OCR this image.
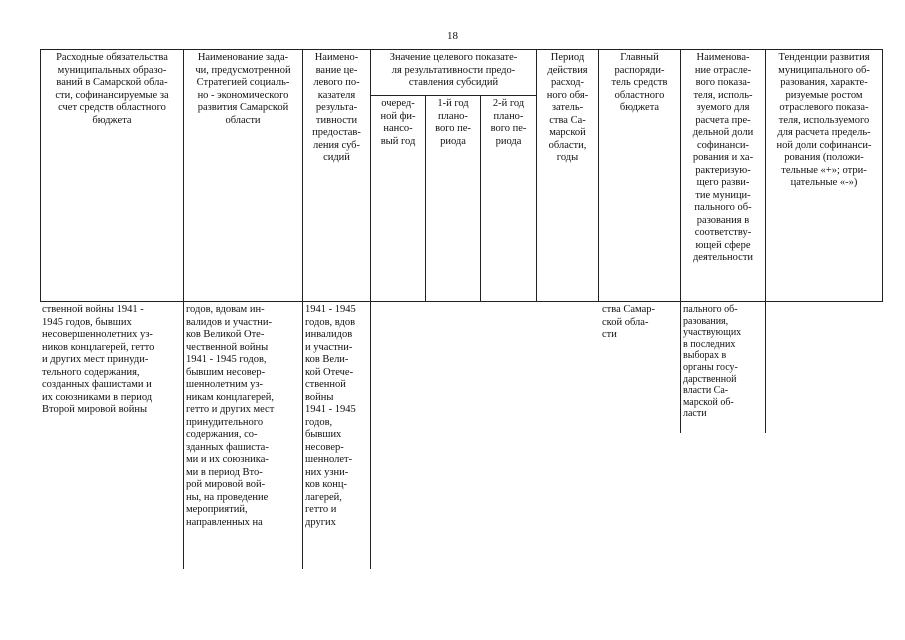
18
Расходные обязательства
муниципальных образо-
ваний в Самарской обла-
сти, софинансируемые за
счет средств областного
бюджета
Наименование зада-
чи, предусмотренной
Стратегией социаль-
но - экономического
развития Самарской
области
Наимено-
вание це-
левого по-
казателя
результа-
тивности
предостав-
ления суб-
сидий
Значение целевого показате-
ля результативности предо-
ставления субсидий
очеред-
ной фи-
нансо-
вый год
1-й год
плано-
вого пе-
риода
2-й год
плано-
вого пе-
риода
Период
действия
расход-
ного обя-
затель-
ства Са-
марской
области,
годы
Главный
распоряди-
тель средств
областного
бюджета
Наименова-
ние отрасле-
вого показа-
теля, исполь-
зуемого для
расчета пре-
дельной доли
софинанси-
рования и ха-
рактеризую-
щего разви-
тие муници-
пального об-
разования в
соответству-
ющей сфере
деятельности
Тенденции развития
муниципального об-
разования, характе-
ризуемые ростом
отраслевого показа-
теля, используемого
для расчета предель-
ной доли софинанси-
рования (положи-
тельные «+»; отри-
цательные «-»)
ственной войны 1941 -
1945 годов, бывших
несовершеннолетних уз-
ников концлагерей, гетто
и других мест принуди-
тельного содержания,
созданных фашистами и
их союзниками в период
Второй мировой войны
годов, вдовам ин-
валидов и участни-
ков Великой Оте-
чественной войны
1941 - 1945 годов,
бывшим несовер-
шеннолетним уз-
никам концлагерей,
гетто и других мест
принудительного
содержания, со-
зданных фашиста-
ми и их союзника-
ми в период Вто-
рой мировой вой-
ны, на проведение
мероприятий,
направленных на
1941 - 1945
годов, вдов
инвалидов
и участни-
ков Вели-
кой Отече-
ственной
войны
1941 - 1945
годов,
бывших
несовер-
шеннолет-
них узни-
ков конц-
лагерей,
гетто и
других
ства Самар-
ской обла-
сти
пального об-
разования,
участвующих
в последних
выборах в
органы госу-
дарственной
власти Са-
марской об-
ласти
